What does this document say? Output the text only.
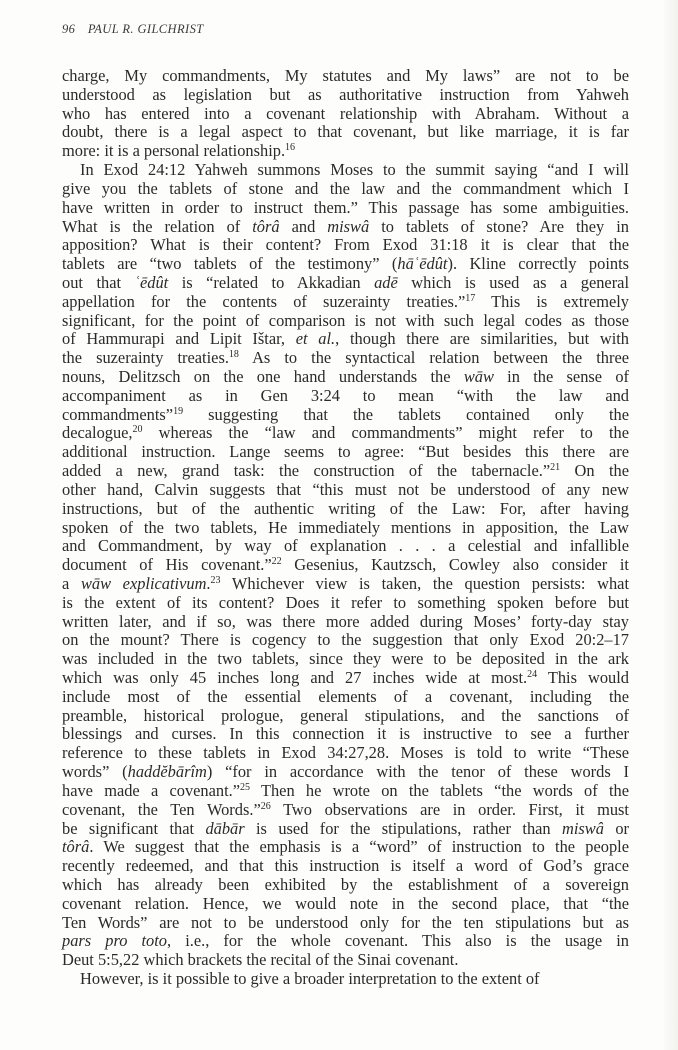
96 PAUL R. GILCHRIST
charge, My commandments, My statutes and My laws” are not to be
understood as legislation but as authoritative instruction from Yahweh
who has entered into a covenant relationship with Abraham. Without a
doubt, there is a legal aspect to that covenant, but like marriage, it is far
more: it is a personal relationship.$^{16}$
In Exod 24:12 Yahweh summons Moses to the summit saying “and I will
give you the tablets of stone and the law and the commandment which I
have written in order to instruct them.” This passage has some ambiguities.
What is the relation of tôrâ and miswâ to tablets of stone? Are they in
apposition? What is their content? From Exod 31:18 it is clear that the
tablets are “two tablets of the testimony” (hāʿēdût). Kline correctly points
out that ʿēdût is “related to Akkadian adē which is used as a general
appellation for the contents of suzerainty treaties.”$^{17}$ This is extremely
significant, for the point of comparison is not with such legal codes as those
of Hammurapi and Lipit Ištar, et al., though there are similarities, but with
the suzerainty treaties.$^{18}$ As to the syntactical relation between the three
nouns, Delitzsch on the one hand understands the wāw in the sense of
accompaniment as in Gen 3:24 to mean “with the law and
commandments”$^{19}$ suggesting that the tablets contained only the
decalogue,$^{20}$ whereas the “law and commandments” might refer to the
additional instruction. Lange seems to agree: “But besides this there are
added a new, grand task: the construction of the tabernacle.”$^{21}$ On the
other hand, Calvin suggests that “this must not be understood of any new
instructions, but of the authentic writing of the Law: For, after having
spoken of the two tablets, He immediately mentions in apposition, the Law
and Commandment, by way of explanation . . . a celestial and infallible
document of His covenant.”$^{22}$ Gesenius, Kautzsch, Cowley also consider it
a wāw explicativum.$^{23}$ Whichever view is taken, the question persists: what
is the extent of its content? Does it refer to something spoken before but
written later, and if so, was there more added during Moses’ forty-day stay
on the mount? There is cogency to the suggestion that only Exod 20:2–17
was included in the two tablets, since they were to be deposited in the ark
which was only 45 inches long and 27 inches wide at most.$^{24}$ This would
include most of the essential elements of a covenant, including the
preamble, historical prologue, general stipulations, and the sanctions of
blessings and curses. In this connection it is instructive to see a further
reference to these tablets in Exod 34:27,28. Moses is told to write “These
words” (haddĕbārîm) “for in accordance with the tenor of these words I
have made a covenant.”$^{25}$ Then he wrote on the tablets “the words of the
covenant, the Ten Words.”$^{26}$ Two observations are in order. First, it must
be significant that dābār is used for the stipulations, rather than miswâ or
tôrâ. We suggest that the emphasis is a “word” of instruction to the people
recently redeemed, and that this instruction is itself a word of God’s grace
which has already been exhibited by the establishment of a sovereign
covenant relation. Hence, we would note in the second place, that “the
Ten Words” are not to be understood only for the ten stipulations but as
pars pro toto, i.e., for the whole covenant. This also is the usage in
Deut 5:5,22 which brackets the recital of the Sinai covenant.
However, is it possible to give a broader interpretation to the extent of
